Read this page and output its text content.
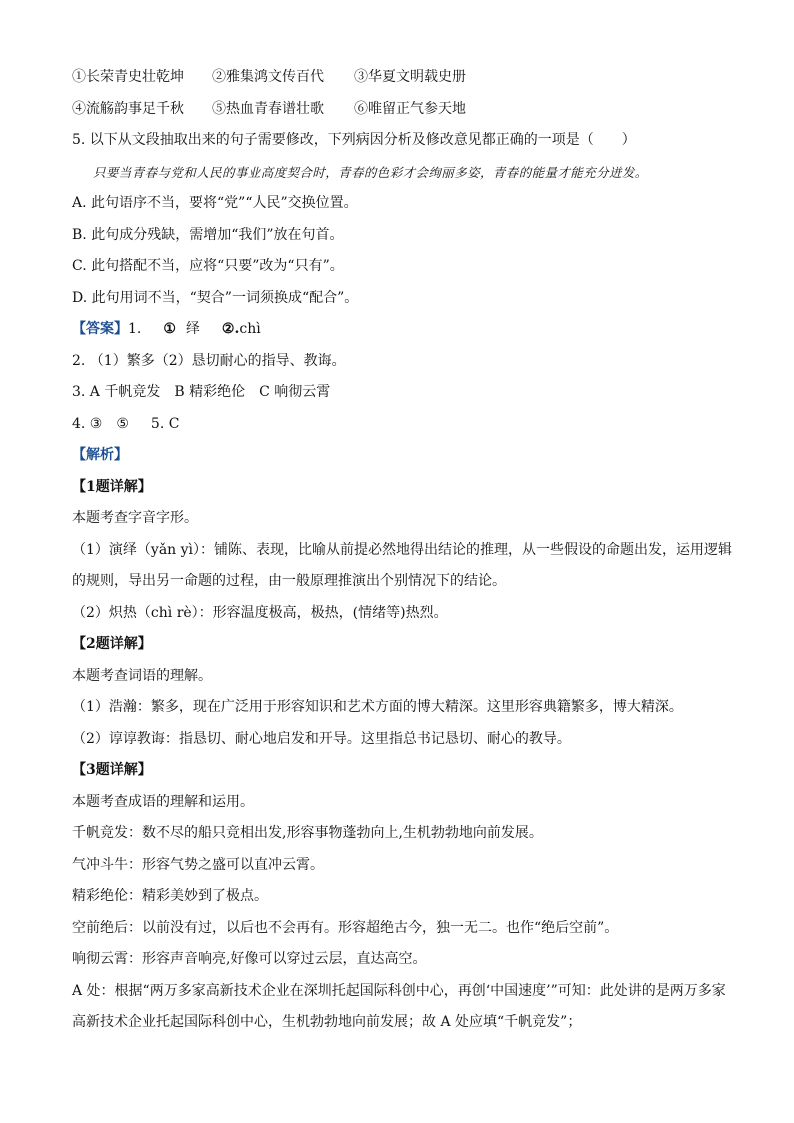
①长荣青史壮乾坤 ②雅集鸿文传百代 ③华夏文明载史册
④流觞韵事足千秋 ⑤热血青春谱壮歌 ⑥唯留正气参天地
5. 以下从文段抽取出来的句子需要修改，下列病因分析及修改意见都正确的一项是（　　）
只要当青春与党和人民的事业高度契合时，青春的色彩才会绚丽多姿，青春的能量才能充分迸发。
A. 此句语序不当，要将“党”“人民”交换位置。
B. 此句成分残缺，需增加“我们”放在句首。
C. 此句搭配不当，应将“只要”改为“只有”。
D. 此句用词不当，“契合”一词须换成“配合”。
【答案】1. ① 绎 ②.chì
2. （1）繁多（2）恳切耐心的指导、教诲。
3. A 千帆竞发　B 精彩绝伦　C 响彻云霄
4. ③　⑤ 5. C
【解析】
【1题详解】
本题考查字音字形。
（1）演绎（yǎn yì）：铺陈、表现，比喻从前提必然地得出结论的推理，从一些假设的命题出发，运用逻辑的规则，导出另一命题的过程，由一般原理推演出个别情况下的结论。
（2）炽热（chì rè）：形容温度极高，极热，(情绪等)热烈。
【2题详解】
本题考查词语的理解。
（1）浩瀚：繁多，现在广泛用于形容知识和艺术方面的博大精深。这里形容典籍繁多，博大精深。
（2）谆谆教诲：指恳切、耐心地启发和开导。这里指总书记恳切、耐心的教导。
【3题详解】
本题考查成语的理解和运用。
千帆竞发：数不尽的船只竞相出发,形容事物蓬勃向上,生机勃勃地向前发展。
气冲斗牛：形容气势之盛可以直冲云霄。
精彩绝伦：精彩美妙到了极点。
空前绝后：以前没有过，以后也不会再有。形容超绝古今，独一无二。也作“绝后空前”。
响彻云霄：形容声音响亮,好像可以穿过云层，直达高空。
A 处：根据“两万多家高新技术企业在深圳托起国际科创中心，再创‘中国速度’”可知：此处讲的是两万多家高新技术企业托起国际科创中心，生机勃勃地向前发展；故 A 处应填“千帆竞发”；
